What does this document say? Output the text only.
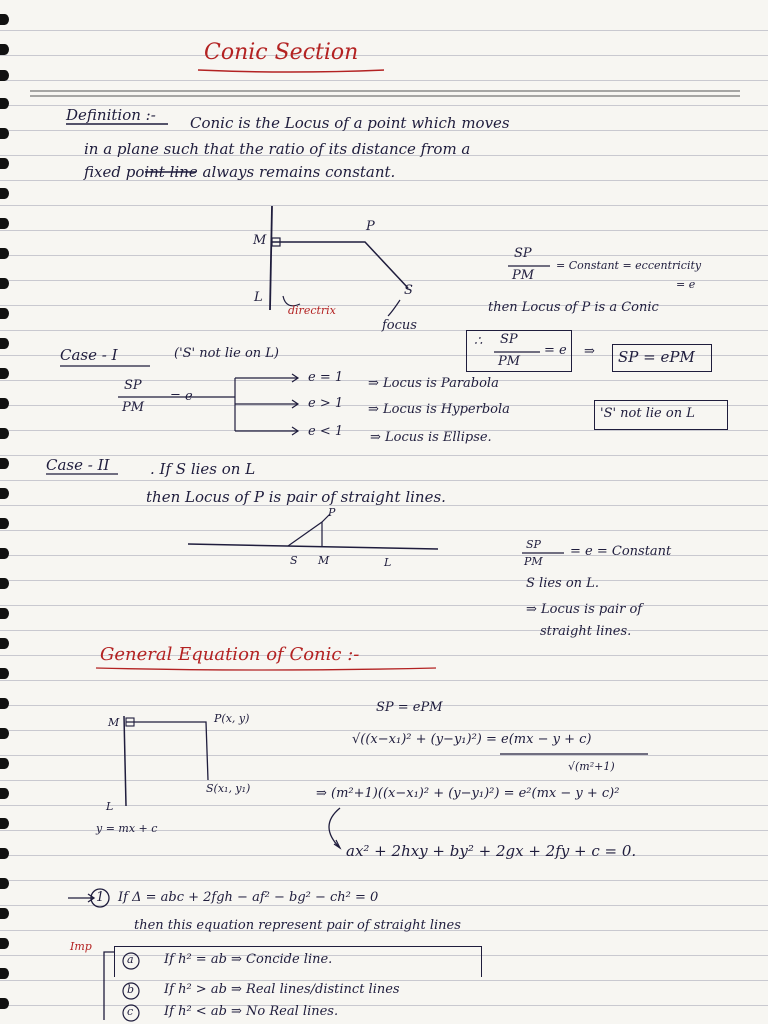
Conic Section
Definition :- Conic is the Locus of a point which moves
in a plane such that the ratio of its distance from a
fixed point line always remains constant.
M
P
L	S
directrix
focus
SP
PM
= Constant = eccentricity
= e
then Locus of P is a Conic
∴ SP
PM
= e ⇒ SP = ePM
Case - I	('S' not lie on L)
SP
PM
= e
e = 1 ⇒ Locus is Parabola
e > 1 ⇒ Locus is Hyperbola
e < 1 ⇒ Locus is Ellipse.
'S' not lie on L
Case - II	. If S lies on L
then Locus of P is pair of straight lines.
P
S M	L
SP
PM
= e = Constant
S lies on L.
⇒ Locus is pair of
straight lines.
General Equation of Conic :-
M	P(x, y)
S(x₁, y₁)
L
y = mx + c
SP = ePM
√((x−x₁)² + (y−y₁)²) = e(mx − y + c)
√(m²+1)
⇒ (m²+1)((x−x₁)² + (y−y₁)²) = e²(mx − y + c)²
ax² + 2hxy + by² + 2gx + 2fy + c = 0.
1 If Δ = abc + 2fgh − af² − bg² − ch² = 0
then this equation represent pair of straight lines
Imp
a If h² = ab ⇒ Concide line.
b If h² > ab ⇒ Real lines/distinct lines
c If h² < ab ⇒ No Real lines.
